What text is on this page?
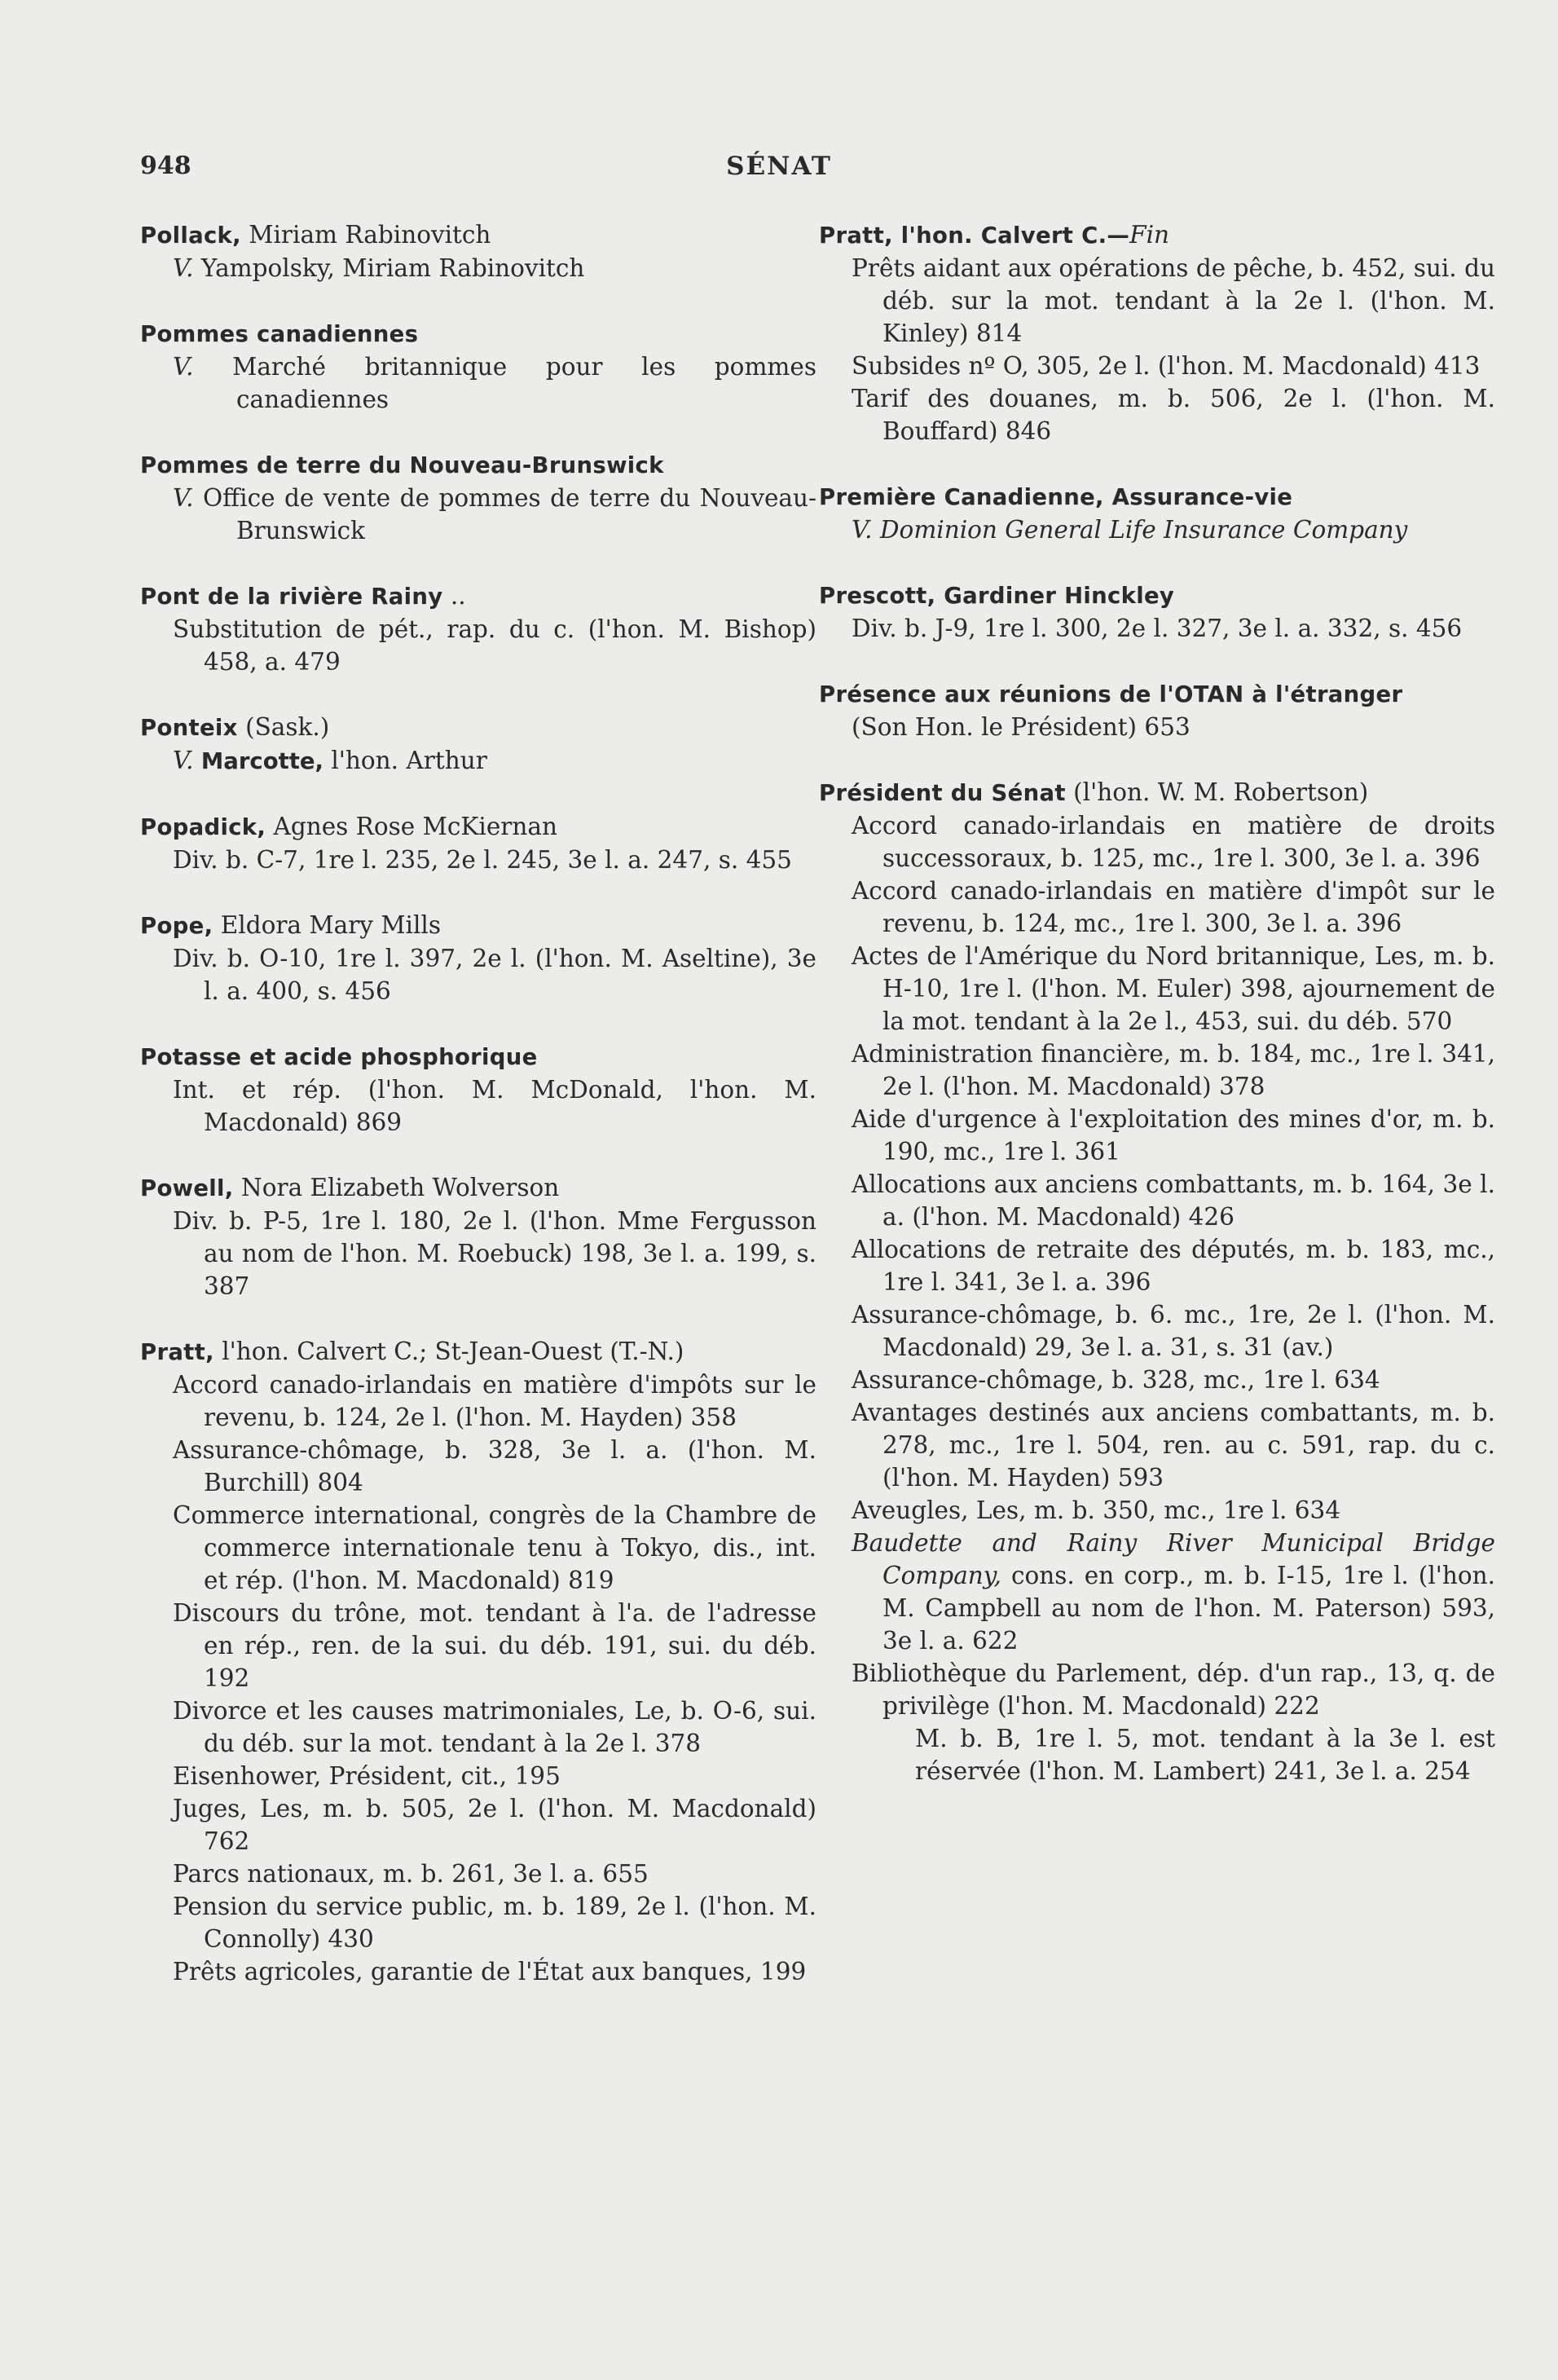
948	SÉNAT

Pollack, Miriam Rabinovitch

V. Yampolsky, Miriam Rabinovitch

Pommes canadiennes

V. Marché britannique pour les pommes canadiennes

Pommes de terre du Nouveau-Brunswick

V. Office de vente de pommes de terre du Nouveau-Brunswick

Pont de la rivière Rainy ..

Substitution de pét., rap. du c. (l'hon. M. Bishop) 458, a. 479

Ponteix (Sask.)

V. Marcotte, l'hon. Arthur

Popadick, Agnes Rose McKiernan

Div. b. C-7, 1re l. 235, 2e l. 245, 3e l. a. 247, s. 455

Pope, Eldora Mary Mills

Div. b. O-10, 1re l. 397, 2e l. (l'hon. M. Aseltine), 3e l. a. 400, s. 456

Potasse et acide phosphorique

Int. et rép. (l'hon. M. McDonald, l'hon. M. Macdonald) 869

Powell, Nora Elizabeth Wolverson

Div. b. P-5, 1re l. 180, 2e l. (l'hon. Mme Fergusson au nom de l'hon. M. Roebuck) 198, 3e l. a. 199, s. 387

Pratt, l'hon. Calvert C.; St-Jean-Ouest (T.-N.)

Accord canado-irlandais en matière d'impôts sur le revenu, b. 124, 2e l. (l'hon. M. Hayden) 358

Assurance-chômage, b. 328, 3e l. a. (l'hon. M. Burchill) 804

Commerce international, congrès de la Chambre de commerce internationale tenu à Tokyo, dis., int. et rép. (l'hon. M. Macdonald) 819

Discours du trône, mot. tendant à l'a. de l'adresse en rép., ren. de la sui. du déb. 191, sui. du déb. 192

Divorce et les causes matrimoniales, Le, b. O-6, sui. du déb. sur la mot. tendant à la 2e l. 378

Eisenhower, Président, cit., 195

Juges, Les, m. b. 505, 2e l. (l'hon. M. Macdonald) 762

Parcs nationaux, m. b. 261, 3e l. a. 655

Pension du service public, m. b. 189, 2e l. (l'hon. M. Connolly) 430

Prêts agricoles, garantie de l'État aux banques, 199

Pratt, l'hon. Calvert C.—Fin

Prêts aidant aux opérations de pêche, b. 452, sui. du déb. sur la mot. tendant à la 2e l. (l'hon. M. Kinley) 814

Subsides nº O, 305, 2e l. (l'hon. M. Macdonald) 413

Tarif des douanes, m. b. 506, 2e l. (l'hon. M. Bouffard) 846

Première Canadienne, Assurance-vie

V. Dominion General Life Insurance Company

Prescott, Gardiner Hinckley

Div. b. J-9, 1re l. 300, 2e l. 327, 3e l. a. 332, s. 456

Présence aux réunions de l'OTAN à l'étranger

(Son Hon. le Président) 653

Président du Sénat (l'hon. W. M. Robertson)

Accord canado-irlandais en matière de droits successoraux, b. 125, mc., 1re l. 300, 3e l. a. 396

Accord canado-irlandais en matière d'impôt sur le revenu, b. 124, mc., 1re l. 300, 3e l. a. 396

Actes de l'Amérique du Nord britannique, Les, m. b. H-10, 1re l. (l'hon. M. Euler) 398, ajournement de la mot. tendant à la 2e l., 453, sui. du déb. 570

Administration financière, m. b. 184, mc., 1re l. 341, 2e l. (l'hon. M. Macdonald) 378

Aide d'urgence à l'exploitation des mines d'or, m. b. 190, mc., 1re l. 361

Allocations aux anciens combattants, m. b. 164, 3e l. a. (l'hon. M. Macdonald) 426

Allocations de retraite des députés, m. b. 183, mc., 1re l. 341, 3e l. a. 396

Assurance-chômage, b. 6. mc., 1re, 2e l. (l'hon. M. Macdonald) 29, 3e l. a. 31, s. 31 (av.)

Assurance-chômage, b. 328, mc., 1re l. 634

Avantages destinés aux anciens combattants, m. b. 278, mc., 1re l. 504, ren. au c. 591, rap. du c. (l'hon. M. Hayden) 593

Aveugles, Les, m. b. 350, mc., 1re l. 634

Baudette and Rainy River Municipal Bridge Company, cons. en corp., m. b. I-15, 1re l. (l'hon. M. Campbell au nom de l'hon. M. Paterson) 593, 3e l. a. 622

Bibliothèque du Parlement, dép. d'un rap., 13, q. de privilège (l'hon. M. Macdonald) 222

M. b. B, 1re l. 5, mot. tendant à la 3e l. est réservée (l'hon. M. Lambert) 241, 3e l. a. 254
